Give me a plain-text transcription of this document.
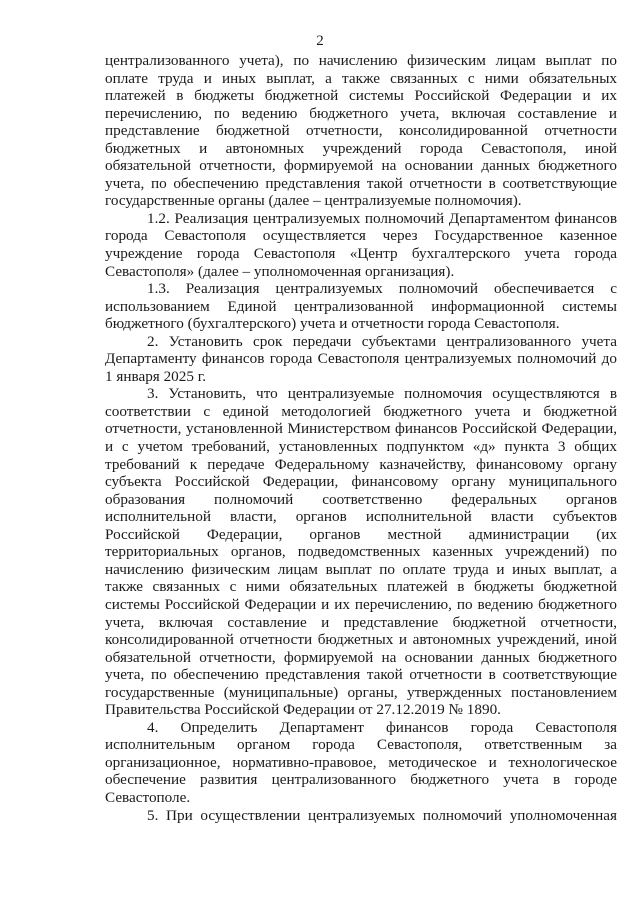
2

централизованного учета), по начислению физическим лицам выплат по оплате труда и иных выплат, а также связанных с ними обязательных платежей в бюджеты бюджетной системы Российской Федерации и их перечислению, по ведению бюджетного учета, включая составление и представление бюджетной отчетности, консолидированной отчетности бюджетных и автономных учреждений города Севастополя, иной обязательной отчетности, формируемой на основании данных бюджетного учета, по обеспечению представления такой отчетности в соответствующие государственные органы (далее – централизуемые полномочия).

1.2. Реализация централизуемых полномочий Департаментом финансов города Севастополя осуществляется через Государственное казенное учреждение города Севастополя «Центр бухгалтерского учета города Севастополя» (далее – уполномоченная организация).

1.3. Реализация централизуемых полномочий обеспечивается с использованием Единой централизованной информационной системы бюджетного (бухгалтерского) учета и отчетности города Севастополя.

2. Установить срок передачи субъектами централизованного учета Департаменту финансов города Севастополя централизуемых полномочий до 1 января 2025 г.

3. Установить, что централизуемые полномочия осуществляются в соответствии с единой методологией бюджетного учета и бюджетной отчетности, установленной Министерством финансов Российской Федерации, и с учетом требований, установленных подпунктом «д» пункта 3 общих требований к передаче Федеральному казначейству, финансовому органу субъекта Российской Федерации, финансовому органу муниципального образования полномочий соответственно федеральных органов исполнительной власти, органов исполнительной власти субъектов Российской Федерации, органов местной администрации (их территориальных органов, подведомственных казенных учреждений) по начислению физическим лицам выплат по оплате труда и иных выплат, а также связанных с ними обязательных платежей в бюджеты бюджетной системы Российской Федерации и их перечислению, по ведению бюджетного учета, включая составление и представление бюджетной отчетности, консолидированной отчетности бюджетных и автономных учреждений, иной обязательной отчетности, формируемой на основании данных бюджетного учета, по обеспечению представления такой отчетности в соответствующие государственные (муниципальные) органы, утвержденных постановлением Правительства Российской Федерации от 27.12.2019 № 1890.

4. Определить Департамент финансов города Севастополя исполнительным органом города Севастополя, ответственным за организационное, нормативно-правовое, методическое и технологическое обеспечение развития централизованного бюджетного учета в городе Севастополе.

5. При осуществлении централизуемых полномочий уполномоченная
